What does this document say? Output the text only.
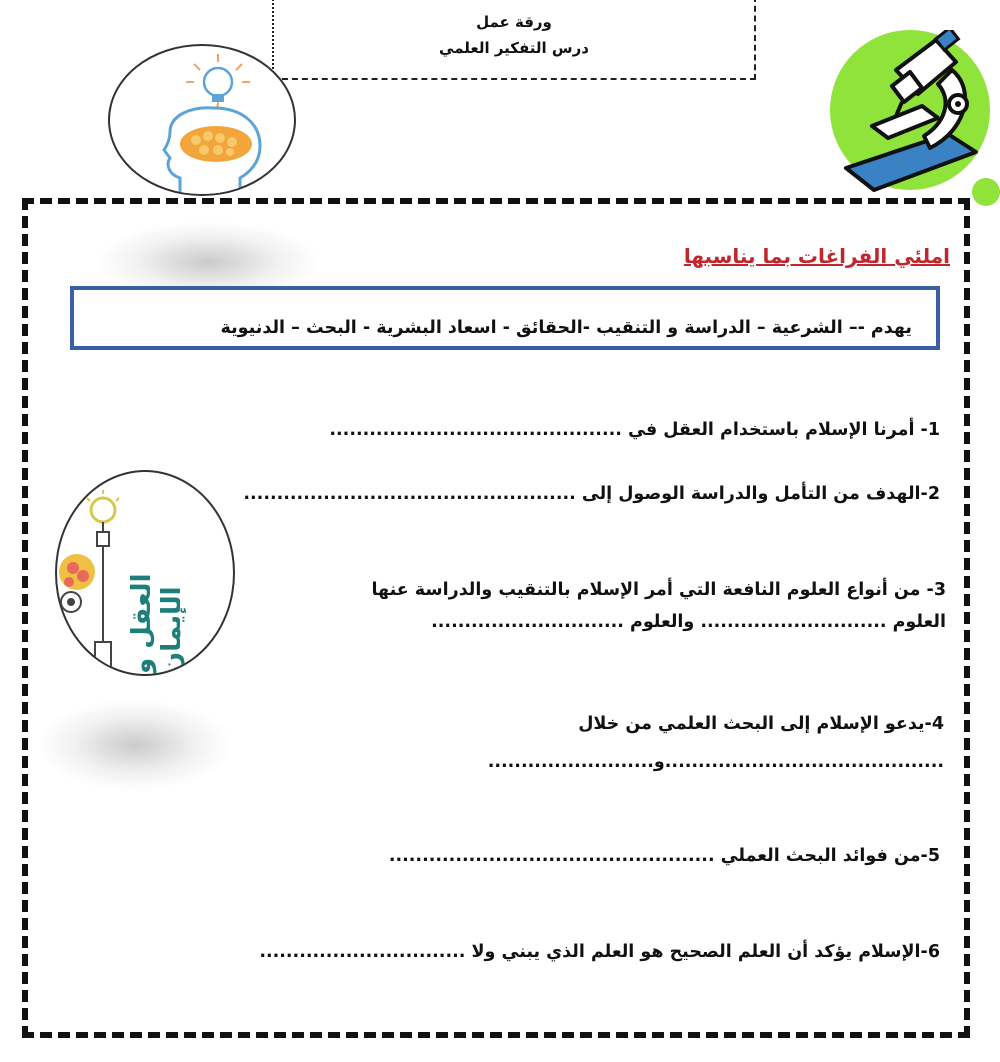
ورقة عمل
درس التفكير العلمي
املئي الفراغات بما يناسبها
يهدم -– الشرعية – الدراسة و التنقيب -الحقائق - اسعاد البشرية - البحث – الدنيوية
العقل و الإيمان
1- أمرنا الإسلام باستخدام العقل في ............................................
2-الهدف من التأمل والدراسة الوصول إلى ..................................................
3- من أنواع العلوم النافعة التي أمر الإسلام بالتنقيب والدراسة عنها
العلوم ............................ والعلوم .............................
4-يدعو الإسلام إلى البحث العلمي من خلال
..........................................و.........................
5-من فوائد البحث العملي .................................................
6-الإسلام يؤكد أن العلم الصحيح هو العلم الذي يبني ولا ...............................
